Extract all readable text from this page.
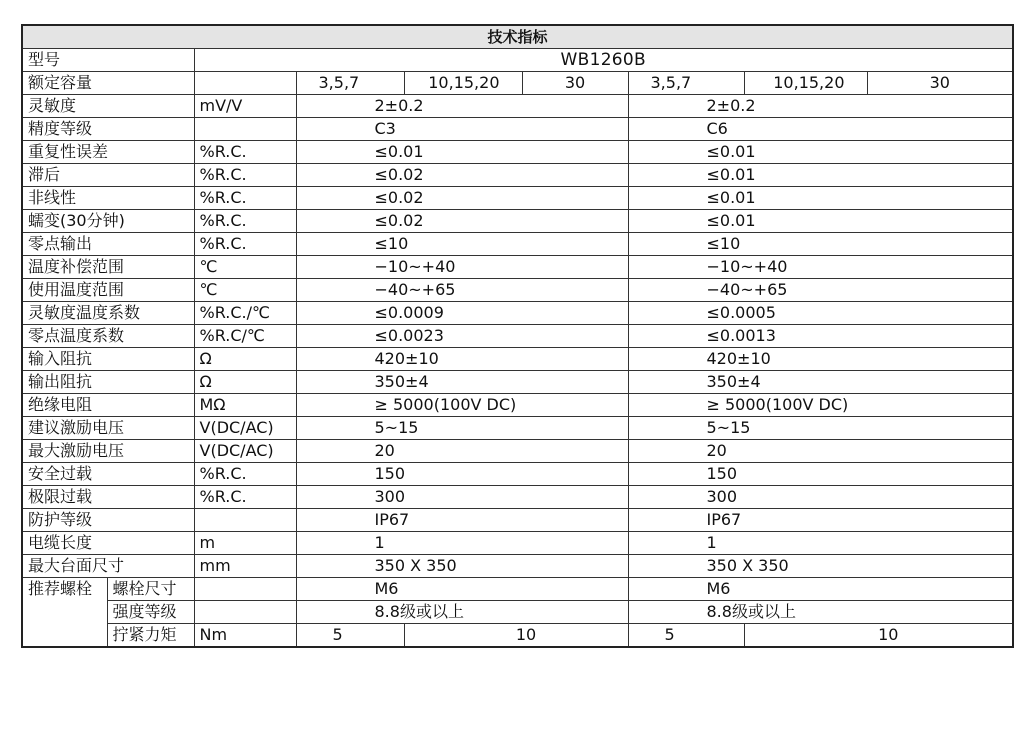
技术指标								
型号		WB1260B						
额定容量			3,5,7	10,15,20	30	3,5,7	10,15,20	30
灵敏度		mV/V	2±0.2			2±0.2		
精度等级			C3			C6		
重复性误差		%R.C.	≤0.01			≤0.01		
滞后		%R.C.	≤0.02			≤0.01		
非线性		%R.C.	≤0.02			≤0.01		
蠕变(30分钟)		%R.C.	≤0.02			≤0.01		
零点输出		%R.C.	≤10			≤10		
温度补偿范围		℃	−10~+40			−10~+40		
使用温度范围		℃	−40~+65			−40~+65		
灵敏度温度系数		%R.C./℃	≤0.0009			≤0.0005		
零点温度系数		%R.C/℃	≤0.0023			≤0.0013		
输入阻抗		Ω	420±10			420±10		
输出阻抗		Ω	350±4			350±4		
绝缘电阻		MΩ	≥ 5000(100V DC)			≥ 5000(100V DC)		
建议激励电压		V(DC/AC)	5~15			5~15		
最大激励电压		V(DC/AC)	20			20		
安全过载		%R.C.	150			150		
极限过载		%R.C.	300			300		
防护等级			IP67			IP67		
电缆长度		m	1			1		
最大台面尺寸		mm	350 X 350			350 X 350		
推荐螺栓	螺栓尺寸		M6			M6		
	强度等级		8.8级或以上			8.8级或以上		
	拧紧力矩	Nm	5	10		5	10	
